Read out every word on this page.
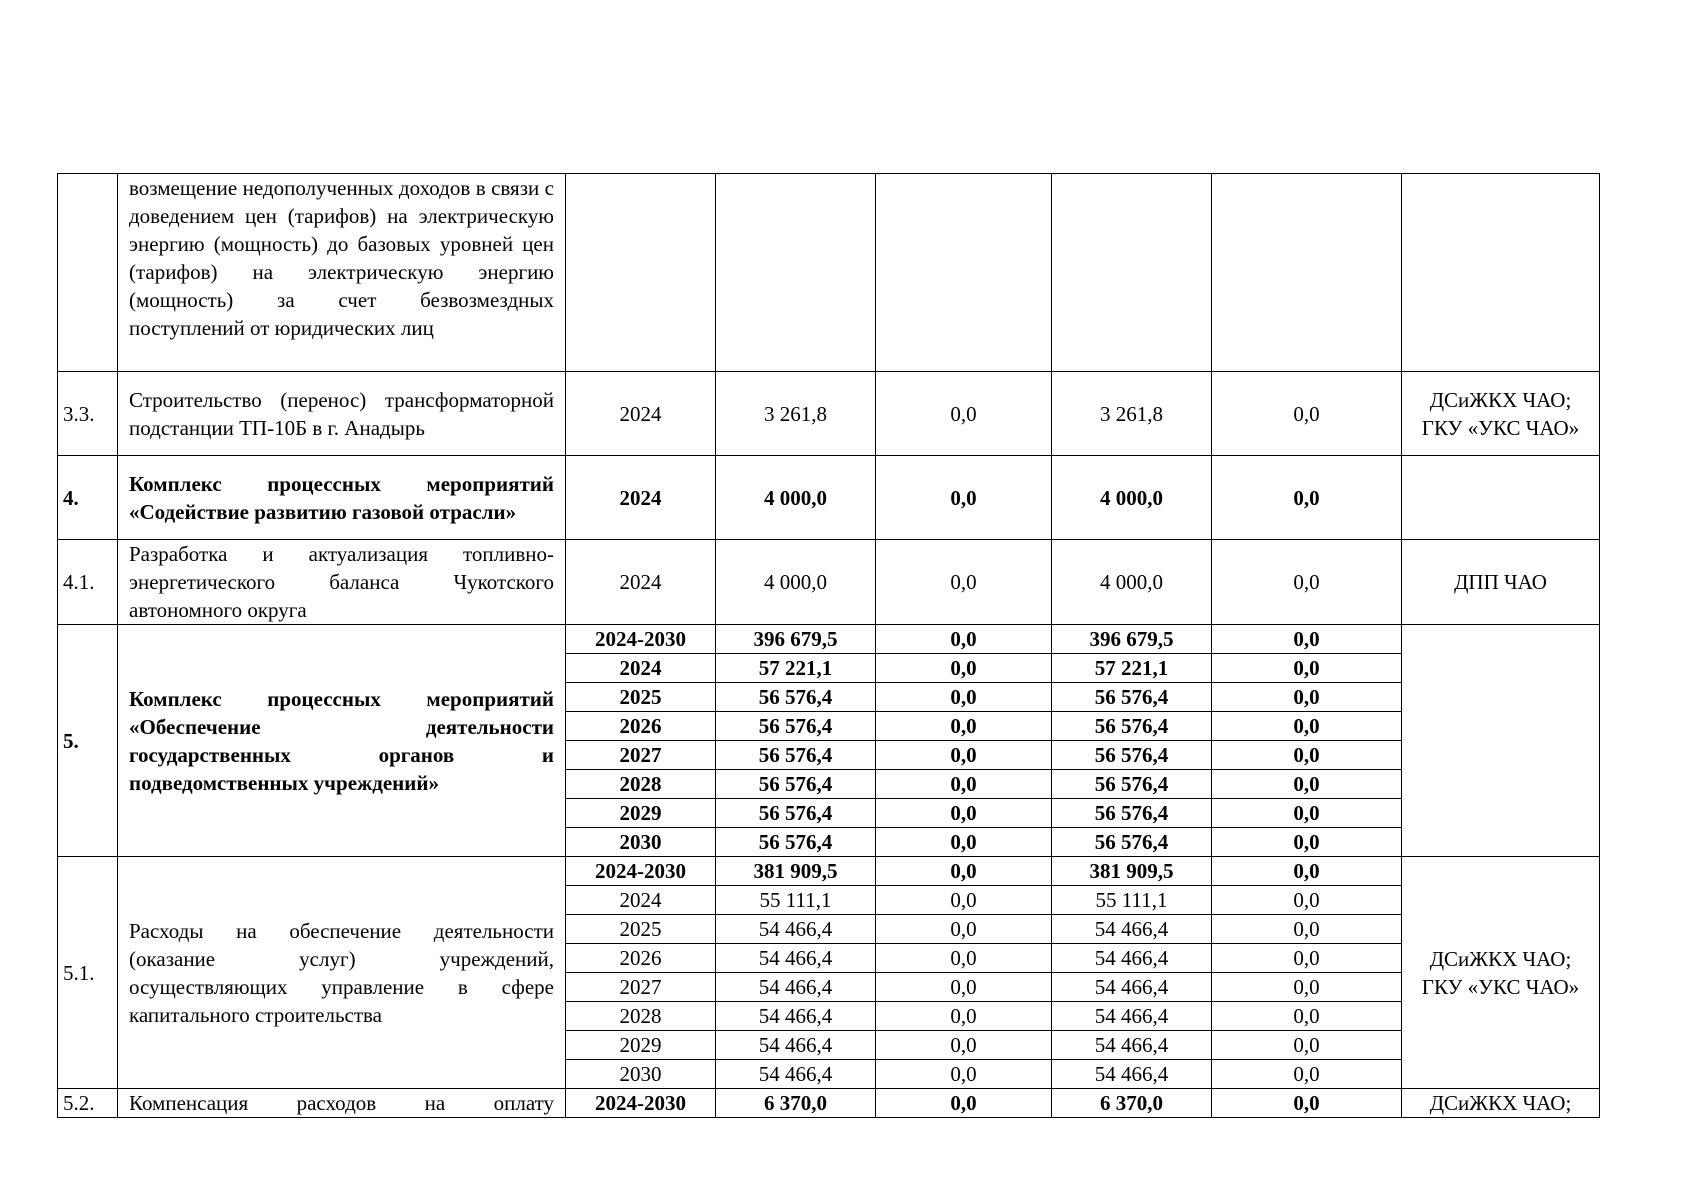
	возмещение недополученных доходов в связи с доведением цен (тарифов) на электрическую энергию (мощность) до базовых уровней цен (тарифов) на электрическую энергию (мощность) за счет безвозмездных поступлений от юридических лиц						
3.3.	Строительство (перенос) трансформаторной подстанции ТП-10Б в г. Анадырь	2024	3 261,8	0,0	3 261,8	0,0	ДСиЖКХ ЧАО; ГКУ «УКС ЧАО»
4.	Комплекс процессных мероприятий «Содействие развитию газовой отрасли»	2024	4 000,0	0,0	4 000,0	0,0	
4.1.	Разработка и актуализация топливно-энергетического баланса Чукотского автономного округа	2024	4 000,0	0,0	4 000,0	0,0	ДПП ЧАО
5.	Комплекс процессных мероприятий «Обеспечение деятельности государственных органов и подведомственных учреждений»	2024-2030	396 679,5	0,0	396 679,5	0,0	
		2024	57 221,1	0,0	57 221,1	0,0	
		2025	56 576,4	0,0	56 576,4	0,0	
		2026	56 576,4	0,0	56 576,4	0,0	
		2027	56 576,4	0,0	56 576,4	0,0	
		2028	56 576,4	0,0	56 576,4	0,0	
		2029	56 576,4	0,0	56 576,4	0,0	
		2030	56 576,4	0,0	56 576,4	0,0	
5.1.	Расходы на обеспечение деятельности (оказание услуг) учреждений, осуществляющих управление в сфере капитального строительства	2024-2030	381 909,5	0,0	381 909,5	0,0	ДСиЖКХ ЧАО; ГКУ «УКС ЧАО»
		2024	55 111,1	0,0	55 111,1	0,0	
		2025	54 466,4	0,0	54 466,4	0,0	
		2026	54 466,4	0,0	54 466,4	0,0	
		2027	54 466,4	0,0	54 466,4	0,0	
		2028	54 466,4	0,0	54 466,4	0,0	
		2029	54 466,4	0,0	54 466,4	0,0	
		2030	54 466,4	0,0	54 466,4	0,0	
5.2.	Компенсация расходов на оплату	2024-2030	6 370,0	0,0	6 370,0	0,0	ДСиЖКХ ЧАО;
